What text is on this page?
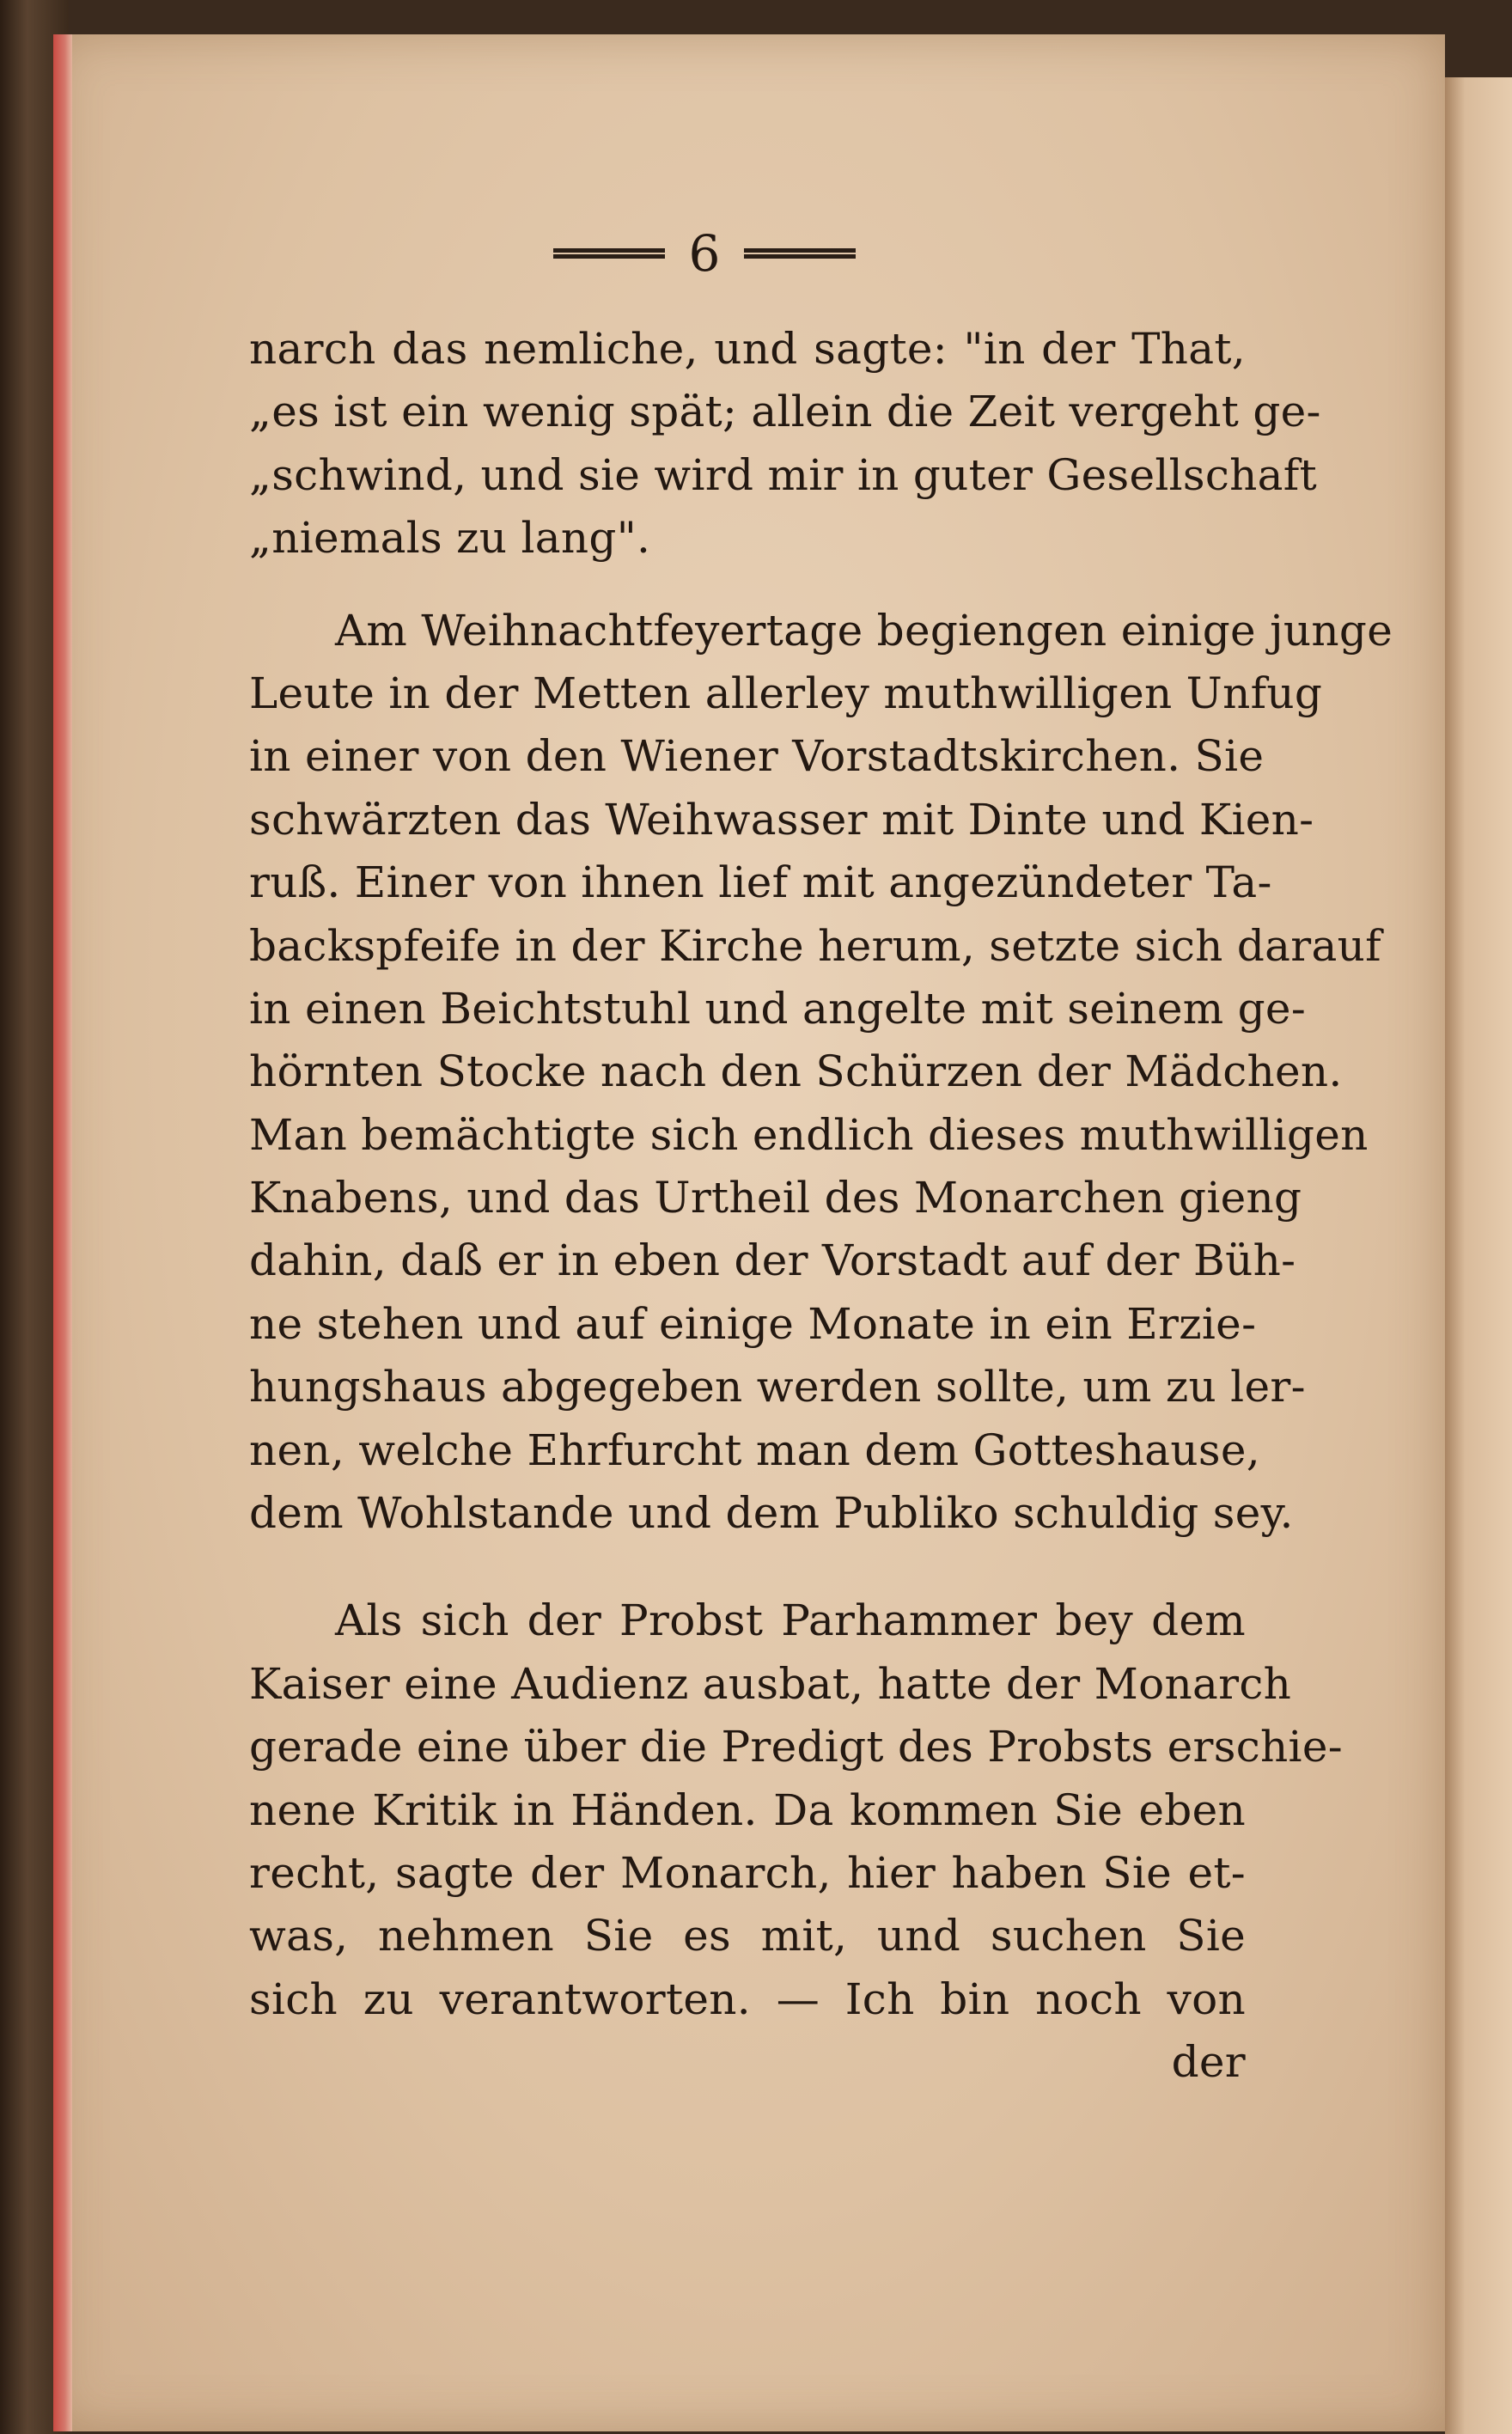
6
narch das nemliche, und sagte: "in der That,
„es ist ein wenig spät; allein die Zeit vergeht ge-
„schwind, und sie wird mir in guter Gesellschaft
„niemals zu lang".
Am Weihnachtfeyertage begiengen einige junge
Leute in der Metten allerley muthwilligen Unfug
in einer von den Wiener Vorstadtskirchen. Sie
schwärzten das Weihwasser mit Dinte und Kien-
ruß. Einer von ihnen lief mit angezündeter Ta-
backspfeife in der Kirche herum, setzte sich darauf
in einen Beichtstuhl und angelte mit seinem ge-
hörnten Stocke nach den Schürzen der Mädchen.
Man bemächtigte sich endlich dieses muthwilligen
Knabens, und das Urtheil des Monarchen gieng
dahin, daß er in eben der Vorstadt auf der Büh-
ne stehen und auf einige Monate in ein Erzie-
hungshaus abgegeben werden sollte, um zu ler-
nen, welche Ehrfurcht man dem Gotteshause,
dem Wohlstande und dem Publiko schuldig sey.
Als sich der Probst Parhammer bey dem
Kaiser eine Audienz ausbat, hatte der Monarch
gerade eine über die Predigt des Probsts erschie-
nene Kritik in Händen. Da kommen Sie eben
recht, sagte der Monarch, hier haben Sie et-
was, nehmen Sie es mit, und suchen Sie
sich zu verantworten. — Ich bin noch von
der
